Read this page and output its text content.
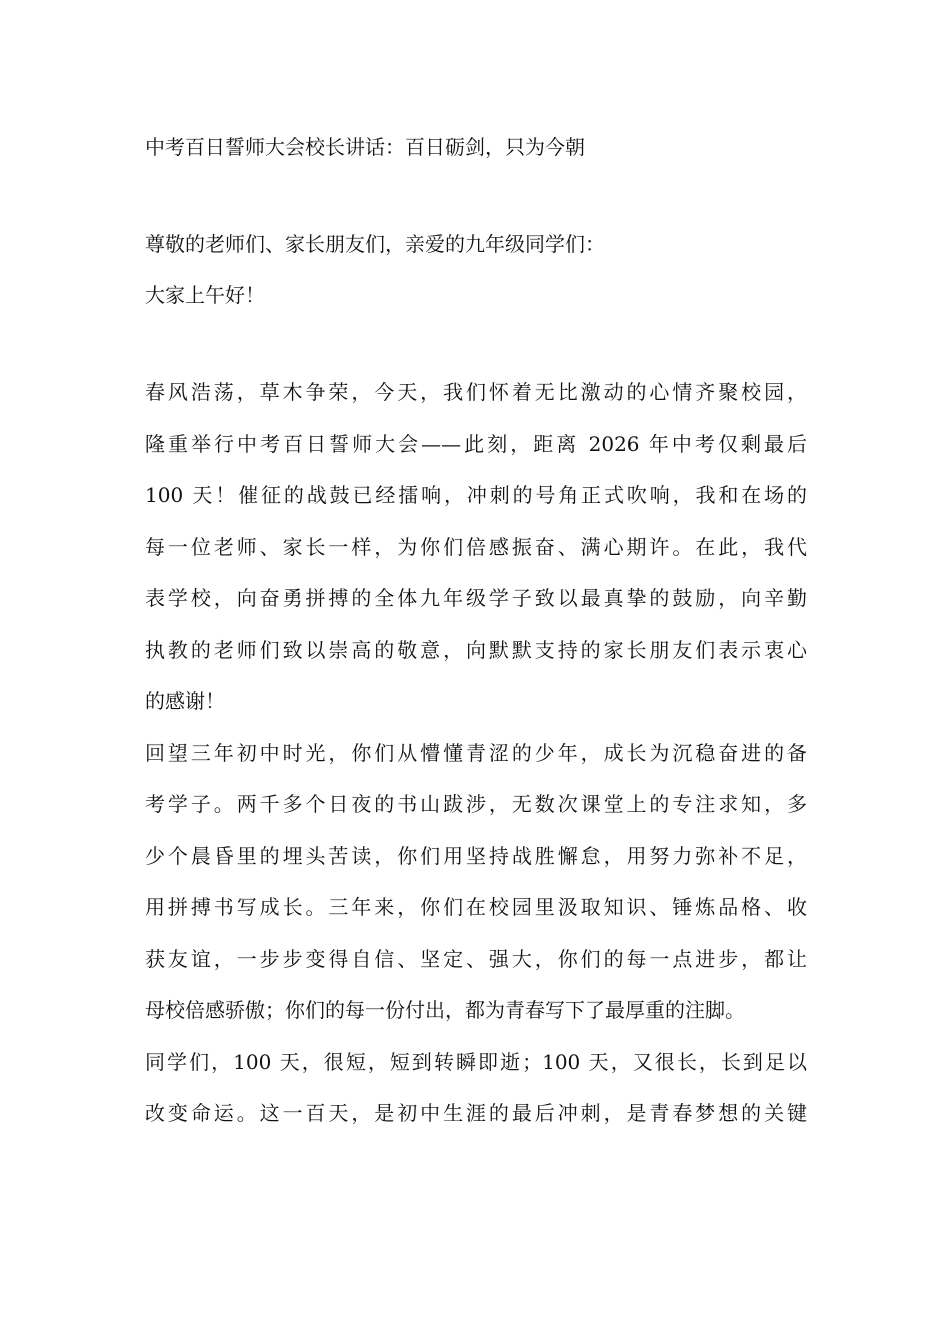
中考百日誓师大会校长讲话：百日砺剑，只为今朝

尊敬的老师们、家长朋友们，亲爱的九年级同学们：

大家上午好！

春风浩荡，草木争荣，今天，我们怀着无比激动的心情齐聚校园，
隆重举行中考百日誓师大会——此刻，距离 2026 年中考仅剩最后
100 天！催征的战鼓已经擂响，冲刺的号角正式吹响，我和在场的
每一位老师、家长一样，为你们倍感振奋、满心期许。在此，我代
表学校，向奋勇拼搏的全体九年级学子致以最真挚的鼓励，向辛勤
执教的老师们致以崇高的敬意，向默默支持的家长朋友们表示衷心
的感谢！
回望三年初中时光，你们从懵懂青涩的少年，成长为沉稳奋进的备
考学子。两千多个日夜的书山跋涉，无数次课堂上的专注求知，多
少个晨昏里的埋头苦读，你们用坚持战胜懈怠，用努力弥补不足，
用拼搏书写成长。三年来，你们在校园里汲取知识、锤炼品格、收
获友谊，一步步变得自信、坚定、强大，你们的每一点进步，都让
母校倍感骄傲；你们的每一份付出，都为青春写下了最厚重的注脚。
同学们，100 天，很短，短到转瞬即逝；100 天，又很长，长到足以
改变命运。这一百天，是初中生涯的最后冲刺，是青春梦想的关键
